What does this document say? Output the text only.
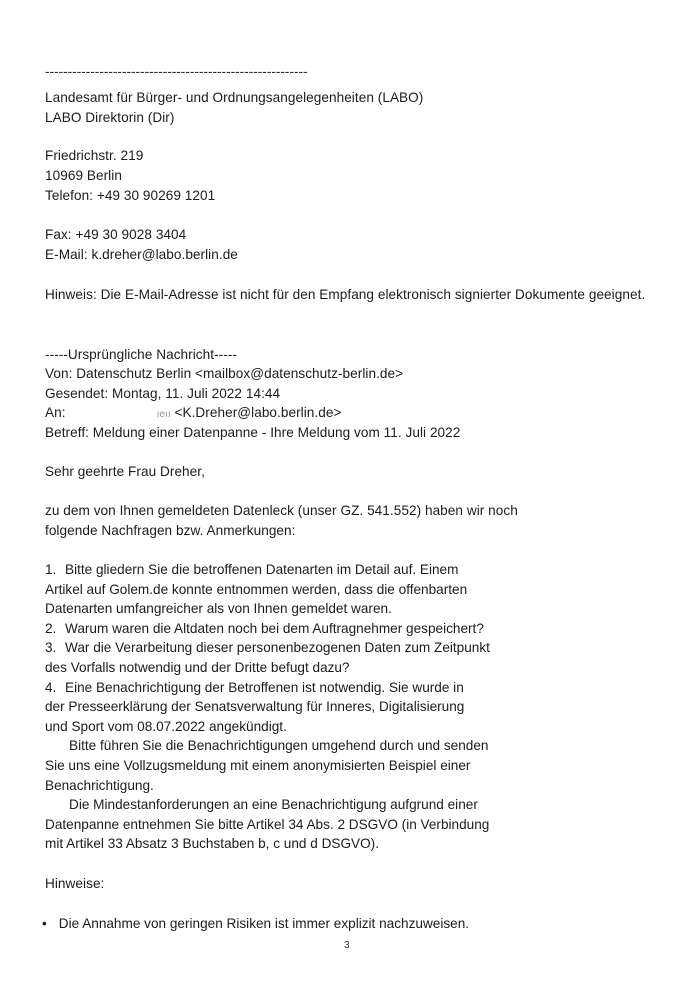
----------------------------------------------------------
Landesamt für Bürger- und Ordnungsangelegenheiten (LABO)
LABO Direktorin (Dir)
Friedrichstr. 219
10969 Berlin
Telefon: +49 30 90269 1201
Fax: +49 30 9028 3404
E-Mail: k.dreher@labo.berlin.de
Hinweis: Die E-Mail-Adresse ist nicht für den Empfang elektronisch signierter Dokumente geeignet.
-----Ursprüngliche Nachricht-----
Von: Datenschutz Berlin <mailbox@datenschutz-berlin.de>
Gesendet: Montag, 11. Juli 2022 14:44
An:	ıeıı <K.Dreher@labo.berlin.de>
Betreff: Meldung einer Datenpanne - Ihre Meldung vom 11. Juli 2022
Sehr geehrte Frau Dreher,
zu dem von Ihnen gemeldeten Datenleck (unser GZ. 541.552) haben wir noch
folgende Nachfragen bzw. Anmerkungen:
1. Bitte gliedern Sie die betroffenen Datenarten im Detail auf. Einem
Artikel auf Golem.de konnte entnommen werden, dass die offenbarten
Datenarten umfangreicher als von Ihnen gemeldet waren.
2. Warum waren die Altdaten noch bei dem Auftragnehmer gespeichert?
3. War die Verarbeitung dieser personenbezogenen Daten zum Zeitpunkt
des Vorfalls notwendig und der Dritte befugt dazu?
4. Eine Benachrichtigung der Betroffenen ist notwendig. Sie wurde in
der Presseerklärung der Senatsverwaltung für Inneres, Digitalisierung
und Sport vom 08.07.2022 angekündigt.
Bitte führen Sie die Benachrichtigungen umgehend durch und senden
Sie uns eine Vollzugsmeldung mit einem anonymisierten Beispiel einer
Benachrichtigung.
Die Mindestanforderungen an eine Benachrichtigung aufgrund einer
Datenpanne entnehmen Sie bitte Artikel 34 Abs. 2 DSGVO (in Verbindung
mit Artikel 33 Absatz 3 Buchstaben b, c und d DSGVO).
Hinweise:
• Die Annahme von geringen Risiken ist immer explizit nachzuweisen.
3
